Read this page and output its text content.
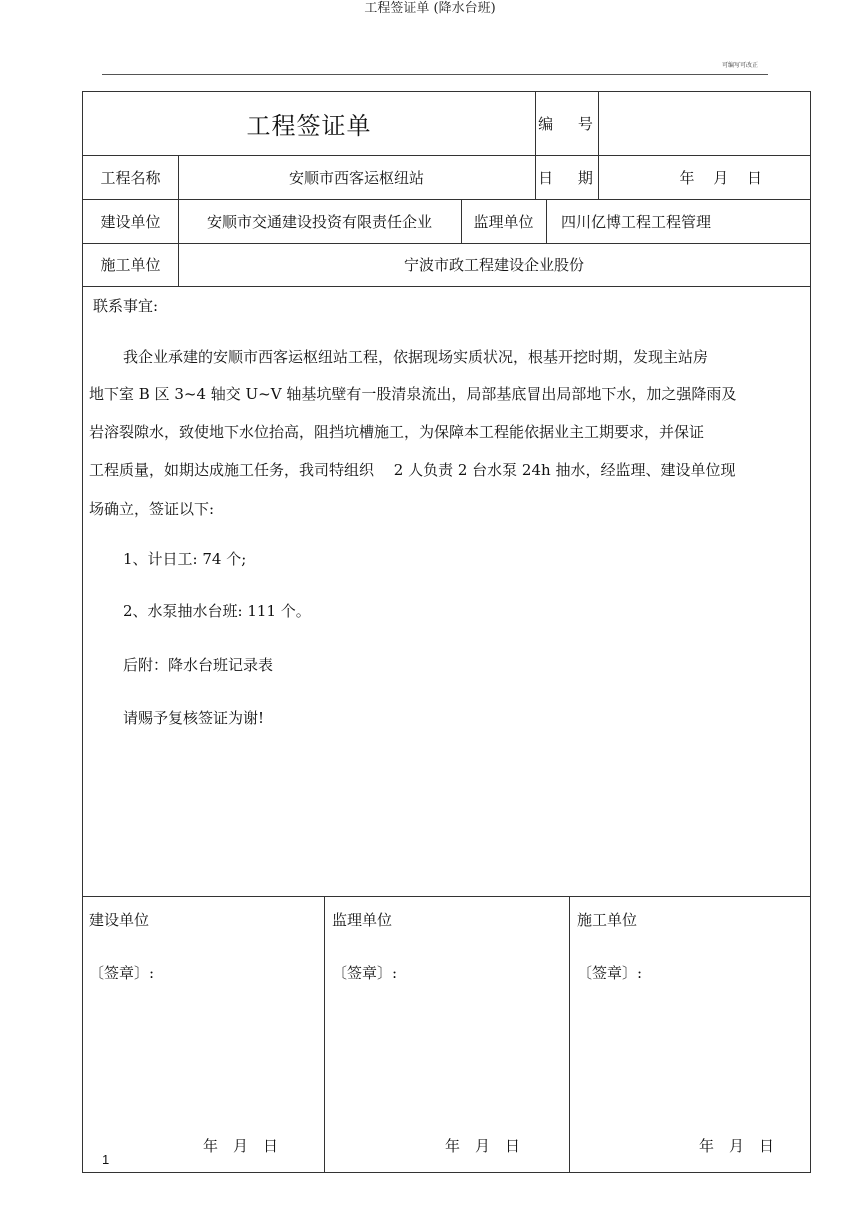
工程签证单 (降水台班)
可编写可改正
工程签证单	编 号
工程名称	安顺市西客运枢纽站	日 期	年 月 日
建设单位	安顺市交通建设投资有限责任企业	监理单位	四川亿博工程工程管理
施工单位	宁波市政工程建设企业股份
联系事宜:
我企业承建的安顺市西客运枢纽站工程，依据现场实质状况，根基开挖时期，发现主站房
地下室 B 区 3~4 轴交 U~V 轴基坑壁有一股清泉流出，局部基底冒出局部地下水，加之强降雨及
岩溶裂隙水，致使地下水位抬高，阻挡坑槽施工，为保障本工程能依据业主工期要求，并保证
工程质量，如期达成施工任务，我司特组织　 2 人负责 2 台水泵 24h 抽水，经监理、建设单位现
场确立，签证以下:
1、计日工: 74 个;
2、水泵抽水台班: 111 个。
后附：降水台班记录表
请赐予复核签证为谢!
建设单位
〔签章〕:
年　月　日
监理单位
〔签章〕:
年　月　日
施工单位
〔签章〕:
年　月　日
1
